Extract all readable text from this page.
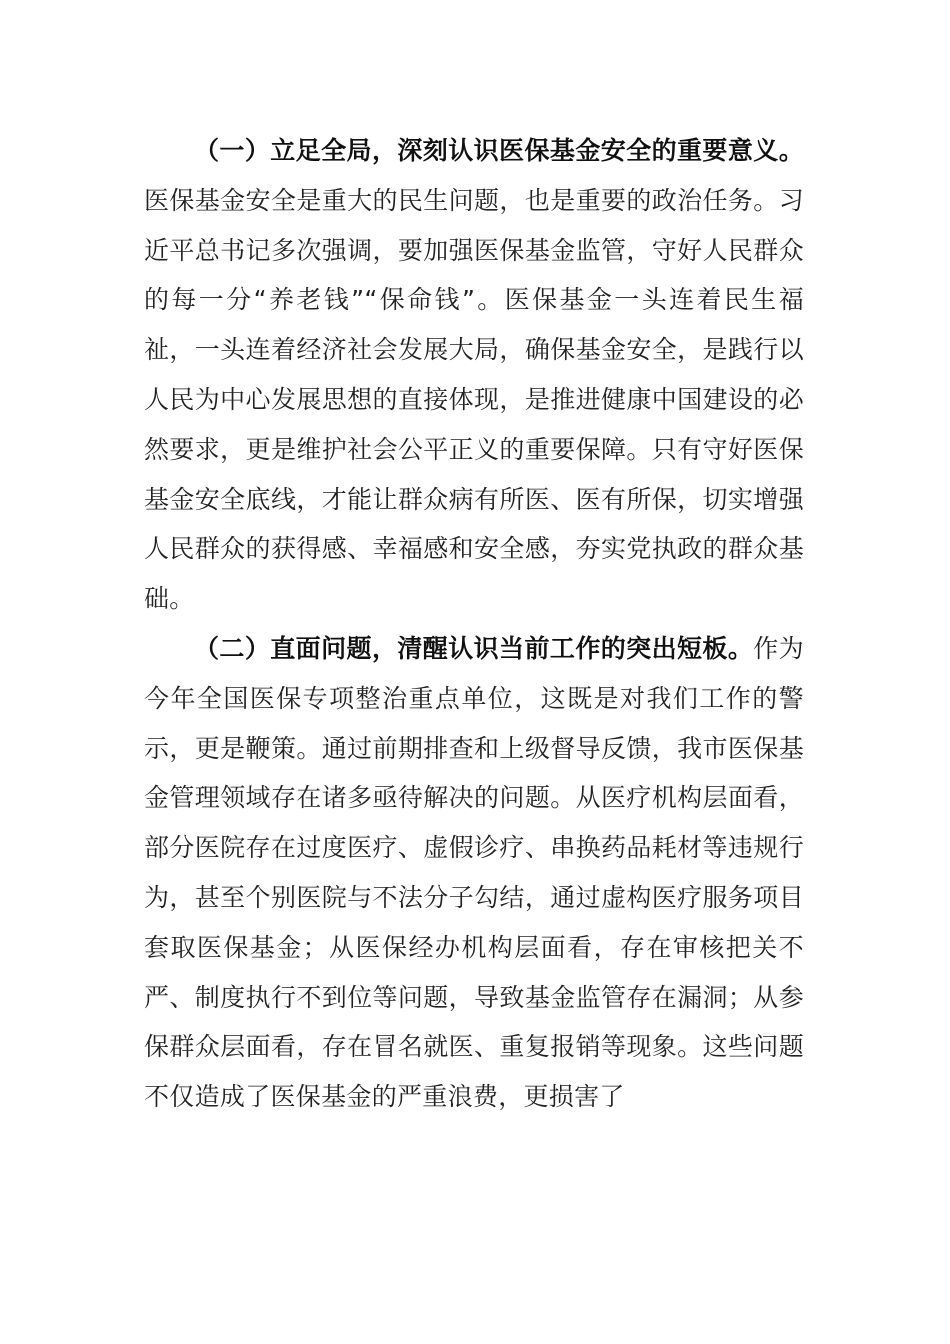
（一）立足全局，深刻认识医保基金安全的重要意义。医保基金安全是重大的民生问题，也是重要的政治任务。习近平总书记多次强调，要加强医保基金监管，守好人民群众的每一分“养老钱”“保命钱”。医保基金一头连着民生福祉，一头连着经济社会发展大局，确保基金安全，是践行以人民为中心发展思想的直接体现，是推进健康中国建设的必然要求，更是维护社会公平正义的重要保障。只有守好医保基金安全底线，才能让群众病有所医、医有所保，切实增强人民群众的获得感、幸福感和安全感，夯实党执政的群众基础。

（二）直面问题，清醒认识当前工作的突出短板。作为今年全国医保专项整治重点单位，这既是对我们工作的警示，更是鞭策。通过前期排查和上级督导反馈，我市医保基金管理领域存在诸多亟待解决的问题。从医疗机构层面看，部分医院存在过度医疗、虚假诊疗、串换药品耗材等违规行为，甚至个别医院与不法分子勾结，通过虚构医疗服务项目套取医保基金；从医保经办机构层面看，存在审核把关不严、制度执行不到位等问题，导致基金监管存在漏洞；从参保群众层面看，存在冒名就医、重复报销等现象。这些问题不仅造成了医保基金的严重浪费，更损害了
